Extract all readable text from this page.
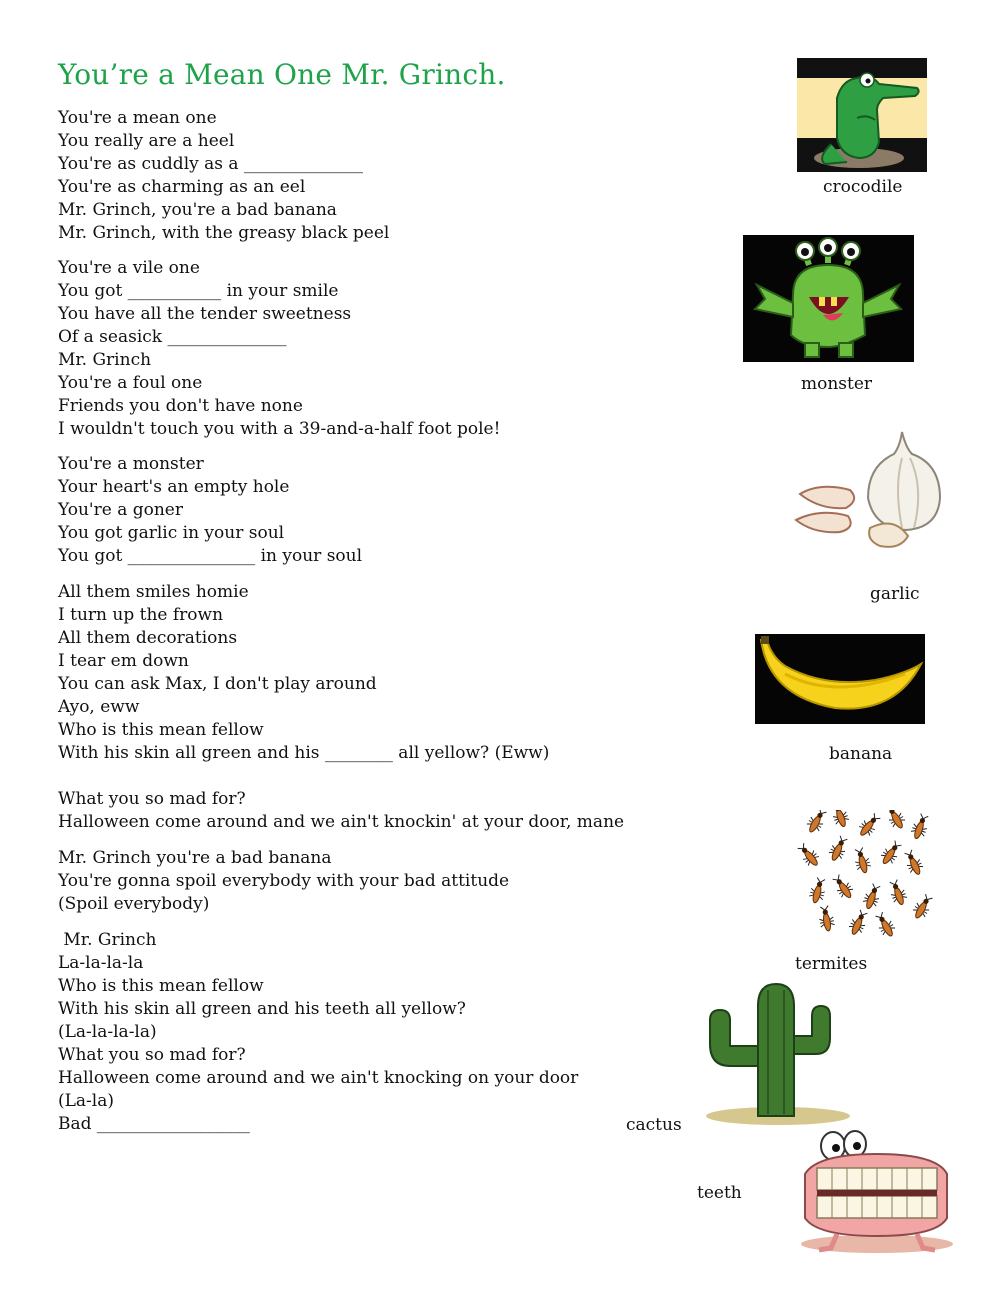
You’re a Mean One Mr. Grinch.
You're a mean one
You really are a heel
You're as cuddly as a ______________
You're as charming as an eel
Mr. Grinch, you're a bad banana
Mr. Grinch, with the greasy black peel
You're a vile one
You got ___________ in your smile
You have all the tender sweetness
Of a seasick ______________
Mr. Grinch
You're a foul one
Friends you don't have none
I wouldn't touch you with a 39-and-a-half foot pole!
You're a monster
Your heart's an empty hole
You're a goner
You got garlic in your soul
You got _______________ in your soul
All them smiles homie
I turn up the frown
All them decorations
I tear em down
You can ask Max, I don't play around
Ayo, eww
Who is this mean fellow
With his skin all green and his ________ all yellow? (Eww)
What you so mad for?
Halloween come around and we ain't knockin' at your door, mane
Mr. Grinch you're a bad banana
You're gonna spoil everybody with your bad attitude
(Spoil everybody)
Mr. Grinch
La-la-la-la
Who is this mean fellow
With his skin all green and his teeth all yellow?
(La-la-la-la)
What you so mad for?
Halloween come around and we ain't knocking on your door
(La-la)
Bad __________________
crocodile
monster
garlic
banana
termites
cactus
teeth
